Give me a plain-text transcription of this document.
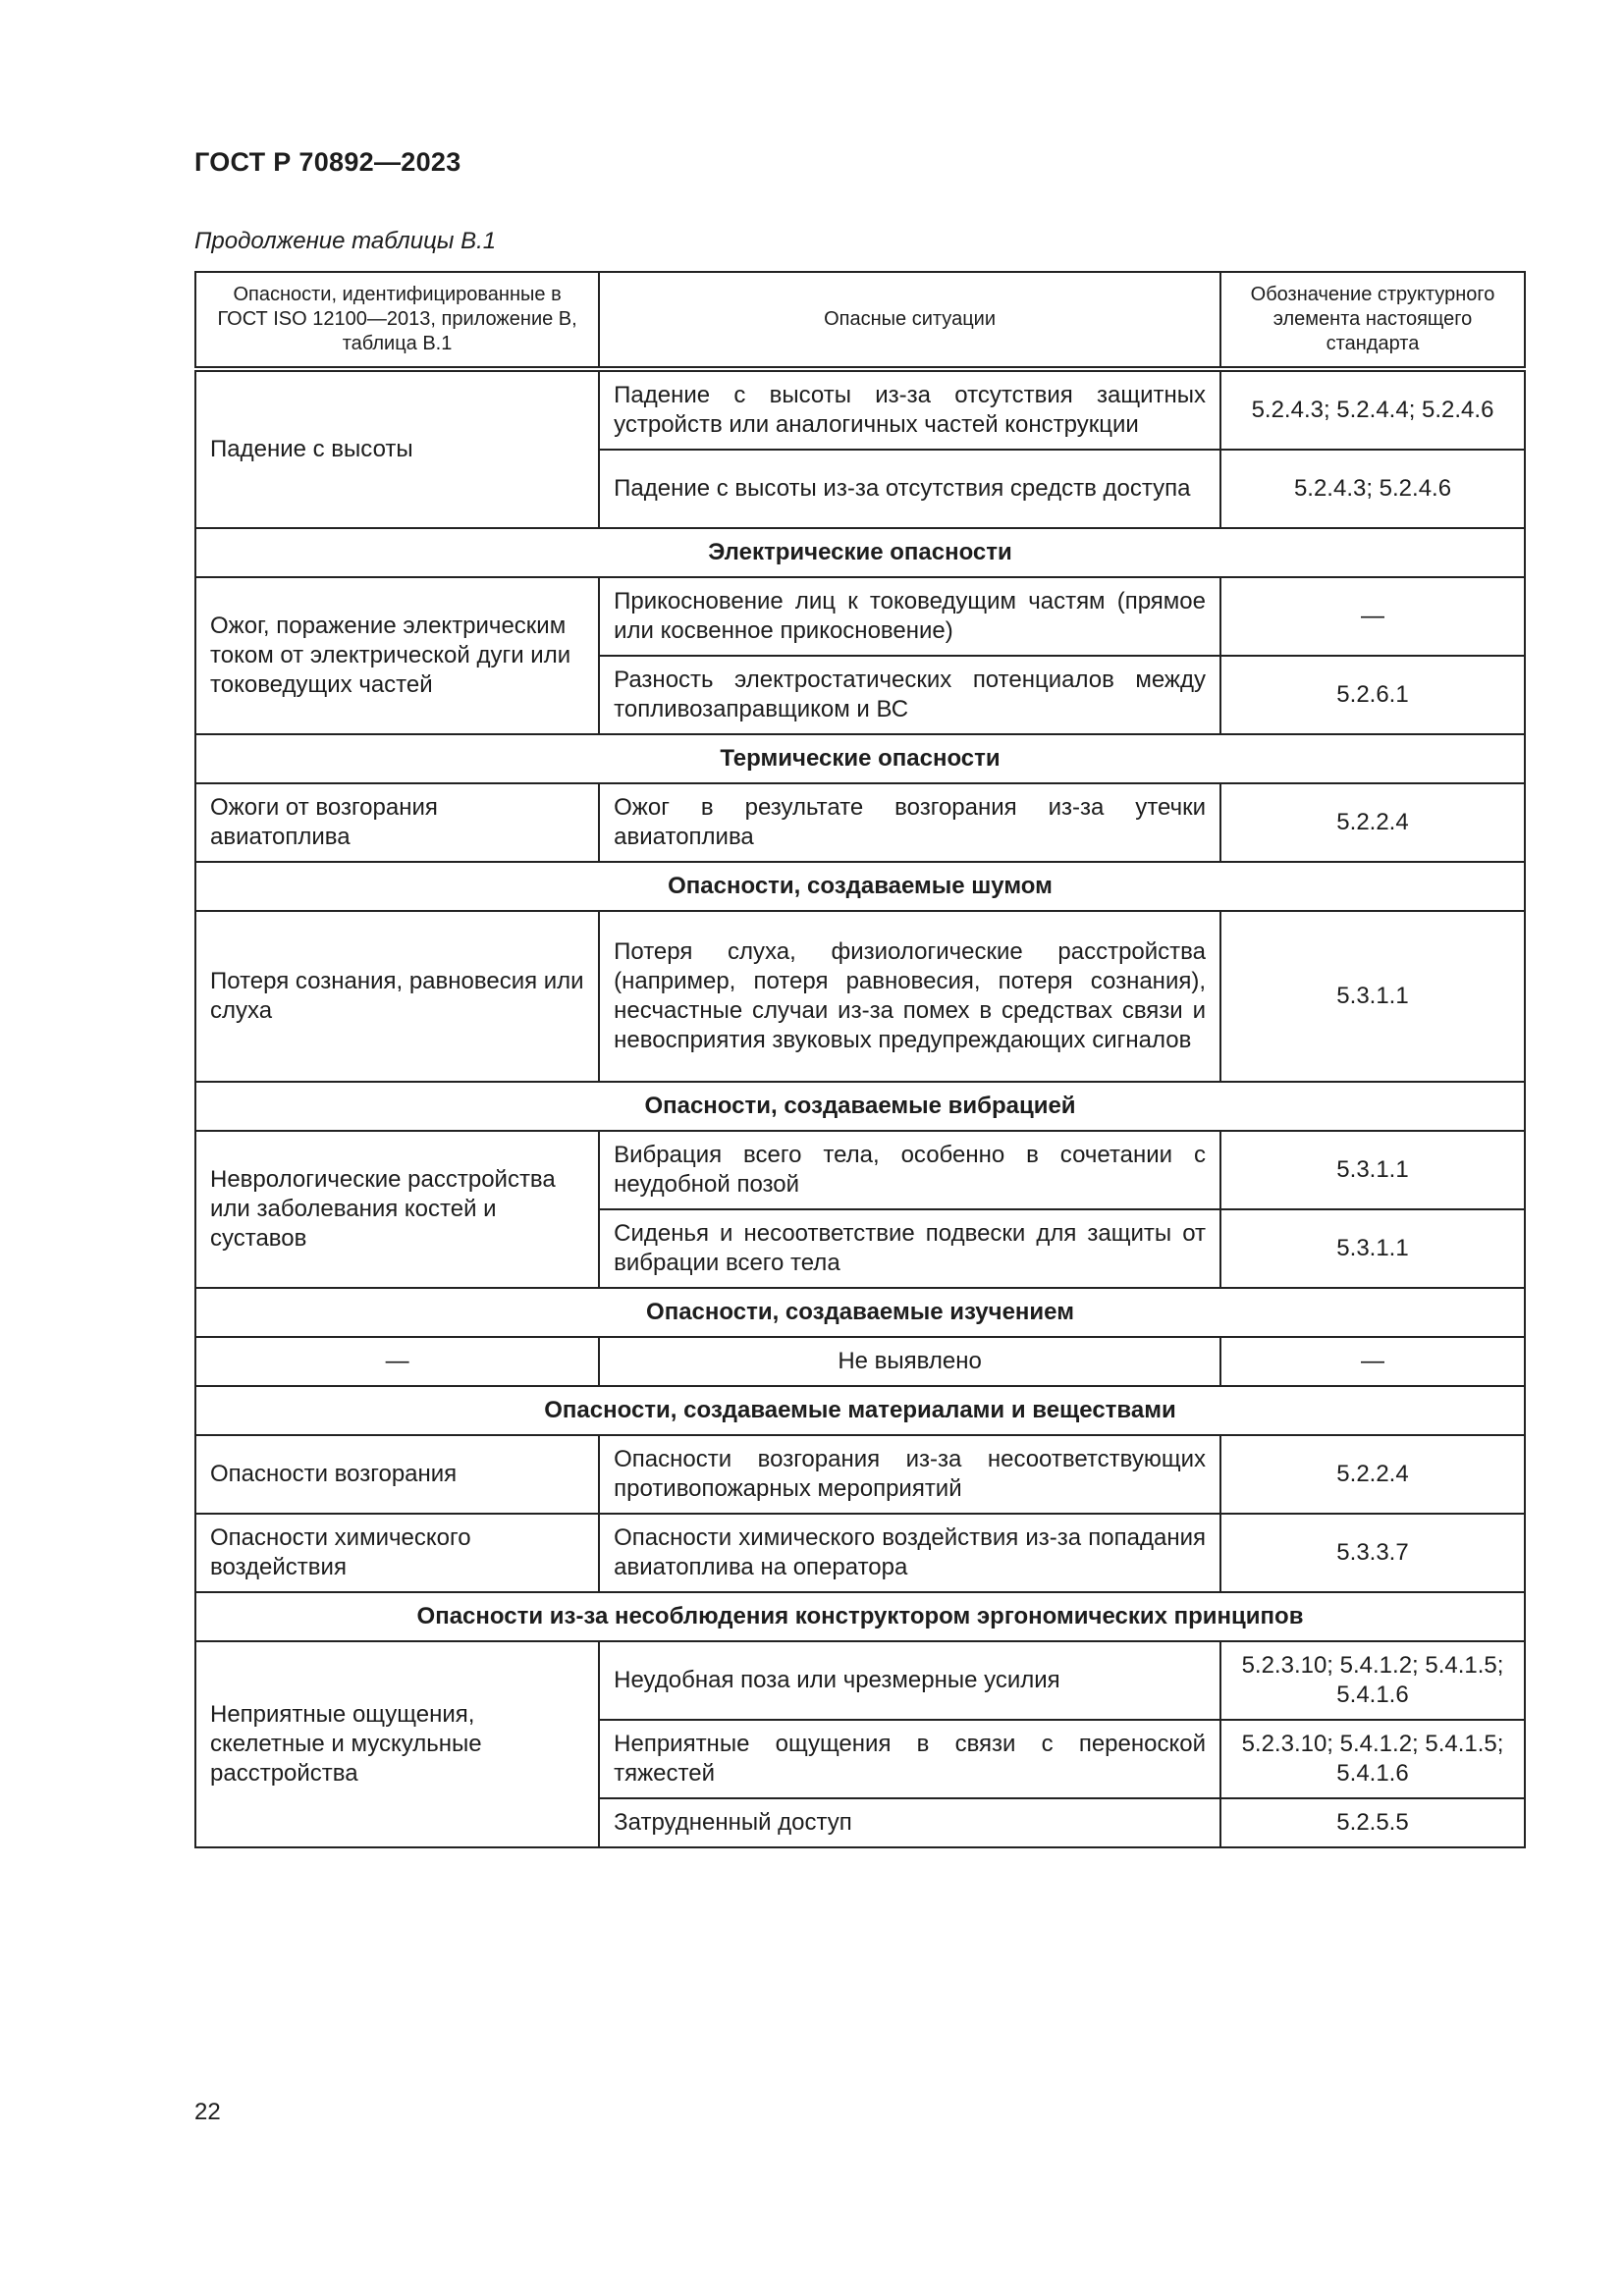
ГОСТ Р 70892—2023
Продолжение таблицы В.1
Опасности, идентифицированные в ГОСТ ISO 12100—2013, приложение В, таблица В.1	Опасные ситуации	Обозначение структурного элемента настоящего стандарта
Падение с высоты	Падение с высоты из-за отсутствия защитных устройств или аналогичных частей конструкции	5.2.4.3; 5.2.4.4; 5.2.4.6
	Падение с высоты из-за отсутствия средств доступа	5.2.4.3; 5.2.4.6
Электрические опасности		
Ожог, поражение электрическим током от электрической дуги или токоведущих частей	Прикосновение лиц к токоведущим частям (прямое или косвенное прикосновение)	—
	Разность электростатических потенциалов между топливозаправщиком и ВС	5.2.6.1
Термические опасности		
Ожоги от возгорания авиатоплива	Ожог в результате возгорания из-за утечки авиатоплива	5.2.2.4
Опасности, создаваемые шумом		
Потеря сознания, равновесия или слуха	Потеря слуха, физиологические расстройства (например, потеря равновесия, потеря сознания), несчастные случаи из-за помех в средствах связи и невосприятия звуковых предупреждающих сигналов	5.3.1.1
Опасности, создаваемые вибрацией		
Неврологические расстройства или заболевания костей и суставов	Вибрация всего тела, особенно в сочетании с неудобной позой	5.3.1.1
	Сиденья и несоответствие подвески для защиты от вибрации всего тела	5.3.1.1
Опасности, создаваемые изучением		
—	Не выявлено	—
Опасности, создаваемые материалами и веществами		
Опасности возгорания	Опасности возгорания из-за несоответствующих противопожарных мероприятий	5.2.2.4
Опасности химического воздействия	Опасности химического воздействия из-за попадания авиатоплива на оператора	5.3.3.7
Опасности из-за несоблюдения конструктором эргономических принципов		
Неприятные ощущения, скелетные и мускульные расстройства	Неудобная поза или чрезмерные усилия	5.2.3.10; 5.4.1.2; 5.4.1.5; 5.4.1.6
	Неприятные ощущения в связи с переноской тяжестей	5.2.3.10; 5.4.1.2; 5.4.1.5; 5.4.1.6
	Затрудненный доступ	5.2.5.5
22
